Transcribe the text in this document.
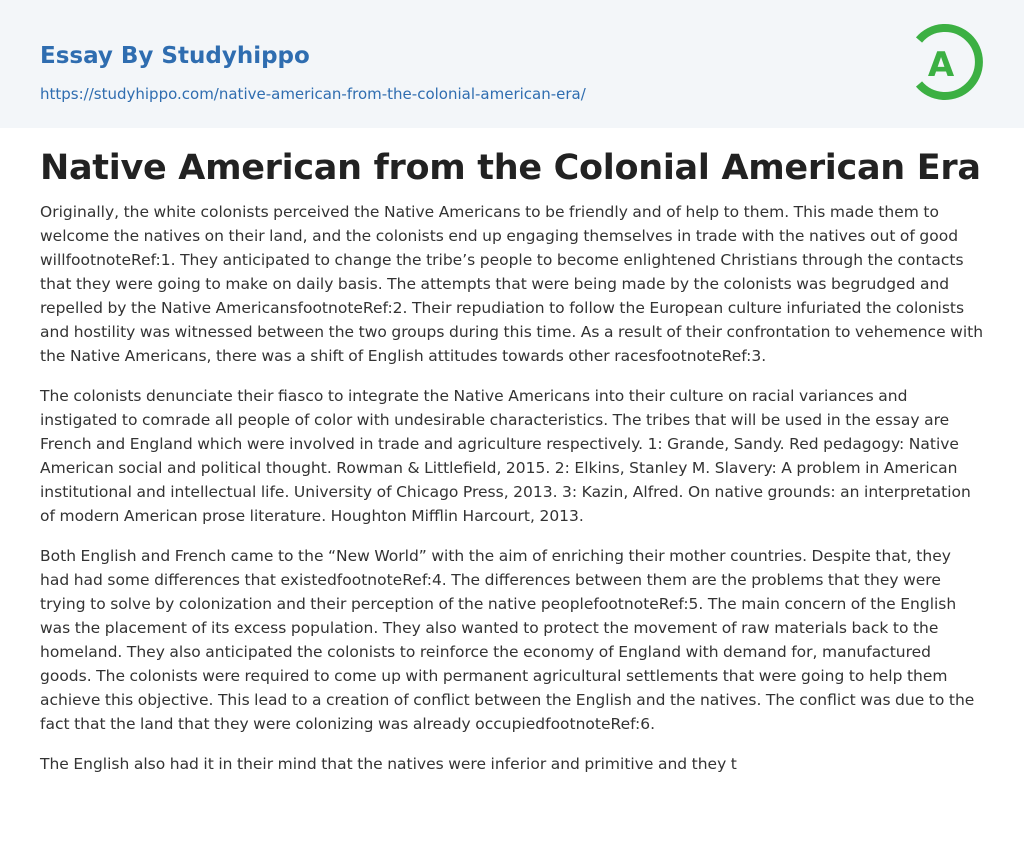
Essay By Studyhippo
https://studyhippo.com/native-american-from-the-colonial-american-era/
A
Native American from the Colonial American Era

Originally, the white colonists perceived the Native Americans to be friendly and of help to them. This made them to welcome the natives on their land, and the colonists end up engaging themselves in trade with the natives out of good willfootnoteRef:1. They anticipated to change the tribe’s people to become enlightened Christians through the contacts that they were going to make on daily basis. The attempts that were being made by the colonists was begrudged and repelled by the Native AmericansfootnoteRef:2. Their repudiation to follow the European culture infuriated the colonists and hostility was witnessed between the two groups during this time. As a result of their confrontation to vehemence with the Native Americans, there was a shift of English attitudes towards other racesfootnoteRef:3.

The colonists denunciate their fiasco to integrate the Native Americans into their culture on racial variances and instigated to comrade all people of color with undesirable characteristics. The tribes that will be used in the essay are French and England which were involved in trade and agriculture respectively. 1: Grande, Sandy. Red pedagogy: Native American social and political thought. Rowman & Littlefield, 2015. 2: Elkins, Stanley M. Slavery: A problem in American institutional and intellectual life. University of Chicago Press, 2013. 3: Kazin, Alfred. On native grounds: an interpretation of modern American prose literature. Houghton Mifflin Harcourt, 2013.

Both English and French came to the “New World” with the aim of enriching their mother countries. Despite that, they had had some differences that existedfootnoteRef:4. The differences between them are the problems that they were trying to solve by colonization and their perception of the native peoplefootnoteRef:5. The main concern of the English was the placement of its excess population. They also wanted to protect the movement of raw materials back to the homeland. They also anticipated the colonists to reinforce the economy of England with demand for, manufactured goods. The colonists were required to come up with permanent agricultural settlements that were going to help them achieve this objective. This lead to a creation of conflict between the English and the natives. The conflict was due to the fact that the land that they were colonizing was already occupiedfootnoteRef:6.

The English also had it in their mind that the natives were inferior and primitive and they t
